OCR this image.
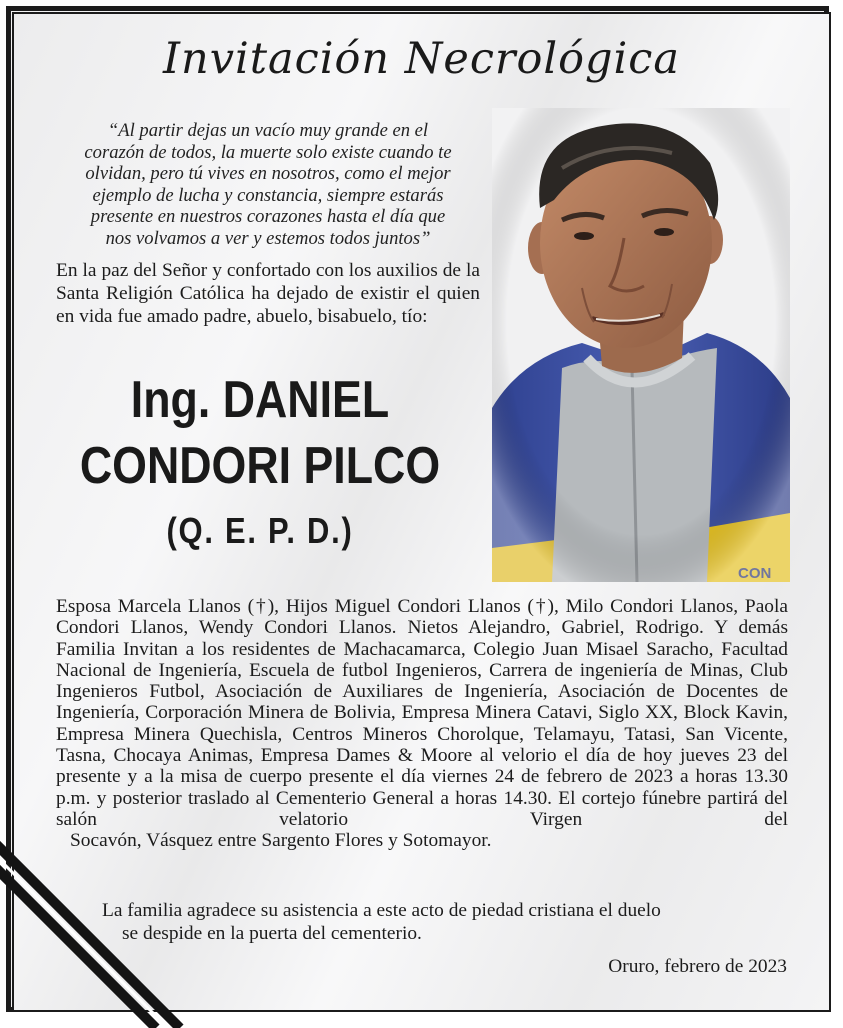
Invitación Necrológica
“Al partir dejas un vacío muy grande en el
corazón de todos, la muerte solo existe cuando te
olvidan, pero tú vives en nosotros, como el mejor
ejemplo de lucha y constancia, siempre estarás
presente en nuestros corazones hasta el día que
nos volvamos a ver y estemos todos juntos”
En la paz del Señor y confortado con los auxilios de la Santa Religión Católica ha dejado de existir el quien en vida fue amado padre, abuelo, bisabuelo, tío:
Ing. DANIEL
CONDORI PILCO
(Q. E. P. D.)
CON

Esposa Marcela Llanos (†), Hijos Miguel Condori Llanos (†), Milo Condori Llanos, Paola Condori Llanos, Wendy Condori Llanos. Nietos Alejandro, Gabriel, Rodrigo. Y demás Familia Invitan a los residentes de Machacamarca, Colegio Juan Misael Saracho, Facultad Nacional de Ingeniería, Escuela de futbol Ingenieros, Carrera de ingeniería de Minas, Club Ingenieros Futbol, Asociación de Auxiliares de Ingeniería, Asociación de Docentes de Ingeniería, Corporación Minera de Bolivia, Empresa Minera Catavi, Siglo XX, Block Kavin, Empresa Minera Quechisla, Centros Mineros Chorolque, Telamayu, Tatasi, San Vicente, Tasna, Chocaya Animas, Empresa Dames & Moore al velorio el día de hoy jueves 23 del presente y a la misa de cuerpo presente el día viernes 24 de febrero de 2023 a horas 13.30 p.m. y posterior traslado al Cementerio General a horas 14.30. El cortejo fúnebre partirá del salón velatorio Virgen del

Socavón, Vásquez entre Sargento Flores y Sotomayor.

La familia agradece su asistencia a este acto de piedad cristiana el duelo
se despide en la puerta del cementerio.
Oruro, febrero de 2023
